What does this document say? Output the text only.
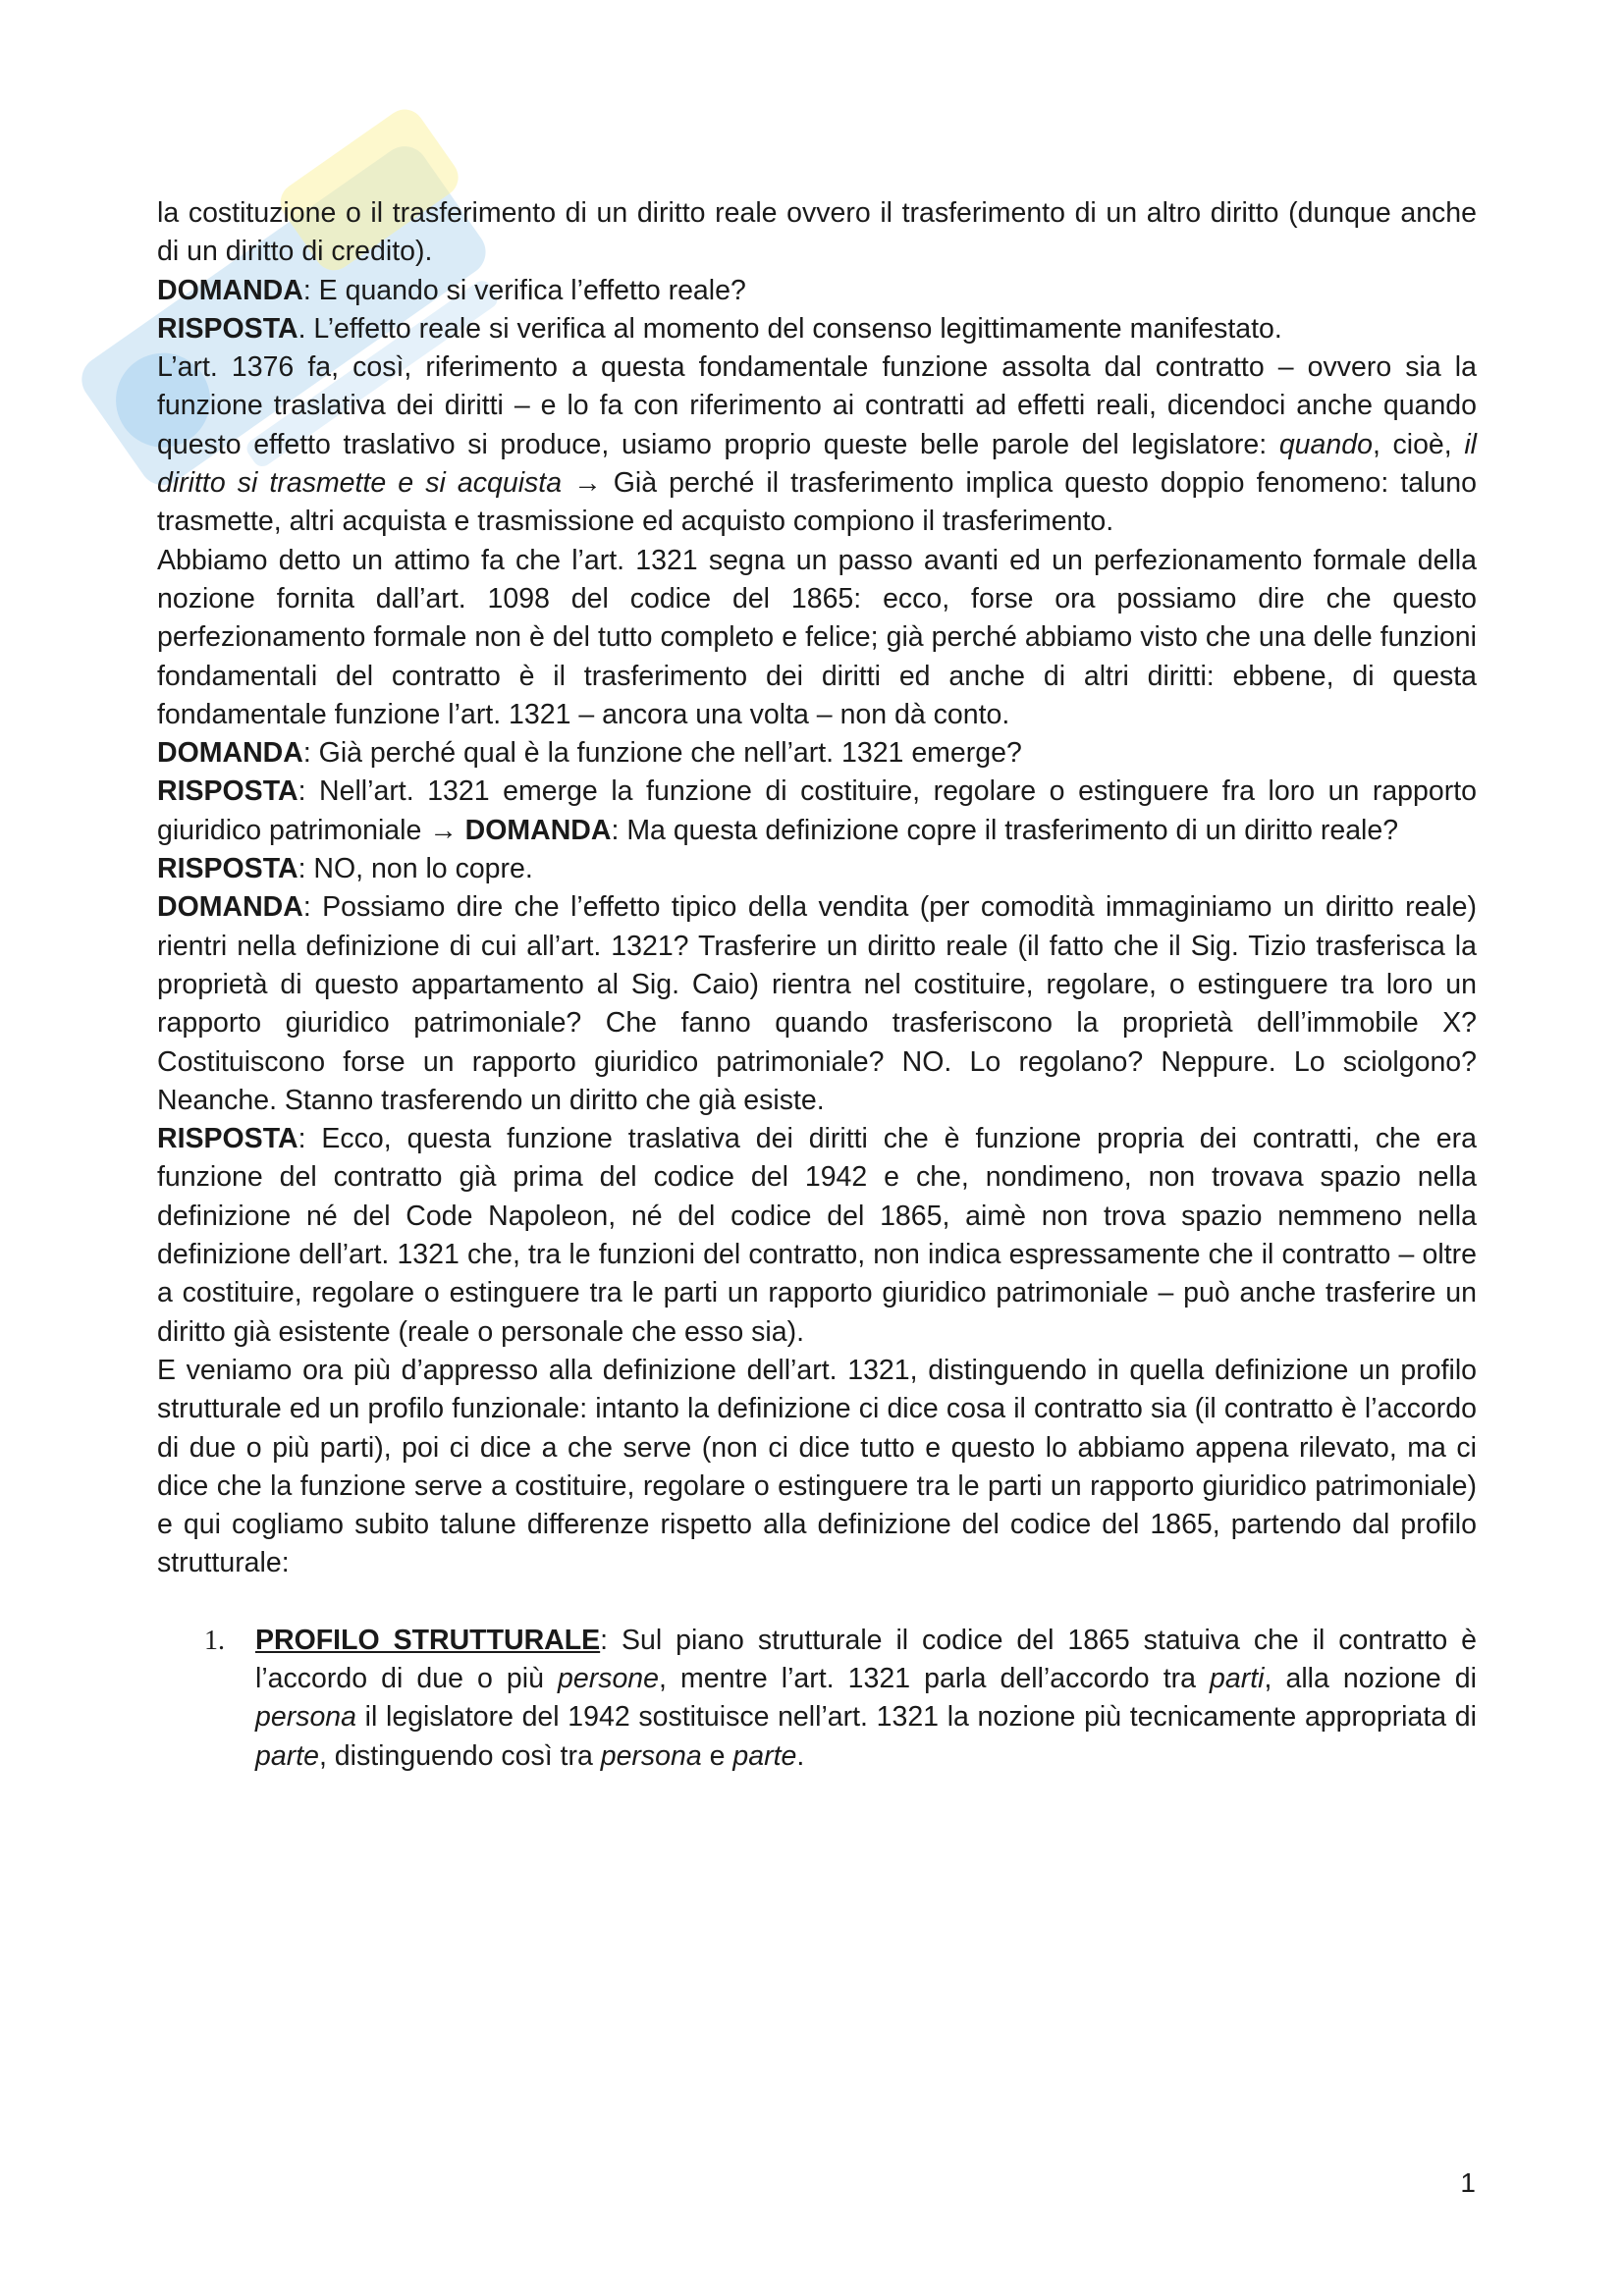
la costituzione o il trasferimento di un diritto reale ovvero il trasferimento di un altro diritto (dunque anche di un diritto di credito).

DOMANDA: E quando si verifica l’effetto reale?

RISPOSTA. L’effetto reale si verifica al momento del consenso legittimamente manifestato.

L’art. 1376 fa, così, riferimento a questa fondamentale funzione assolta dal contratto – ovvero sia la funzione traslativa dei diritti – e lo fa con riferimento ai contratti ad effetti reali, dicendoci anche quando questo effetto traslativo si produce, usiamo proprio queste belle parole del legislatore: quando, cioè, il diritto si trasmette e si acquista → Già perché il trasferimento implica questo doppio fenomeno: taluno trasmette, altri acquista e trasmissione ed acquisto compiono il trasferimento.

Abbiamo detto un attimo fa che l’art. 1321 segna un passo avanti ed un perfezionamento formale della nozione fornita dall’art. 1098 del codice del 1865: ecco, forse ora possiamo dire che questo perfezionamento formale non è del tutto completo e felice; già perché abbiamo visto che una delle funzioni fondamentali del contratto è il trasferimento dei diritti ed anche di altri diritti: ebbene, di questa fondamentale funzione l’art. 1321 – ancora una volta – non dà conto.

DOMANDA: Già perché qual è la funzione che nell’art. 1321 emerge?

RISPOSTA: Nell’art. 1321 emerge la funzione di costituire, regolare o estinguere fra loro un rapporto giuridico patrimoniale → DOMANDA: Ma questa definizione copre il trasferimento di un diritto reale?

RISPOSTA: NO, non lo copre.

DOMANDA: Possiamo dire che l’effetto tipico della vendita (per comodità immaginiamo un diritto reale) rientri nella definizione di cui all’art. 1321? Trasferire un diritto reale (il fatto che il Sig. Tizio trasferisca la proprietà di questo appartamento al Sig. Caio) rientra nel costituire, regolare, o estinguere tra loro un rapporto giuridico patrimoniale? Che fanno quando trasferiscono la proprietà dell’immobile X? Costituiscono forse un rapporto giuridico patrimoniale? NO. Lo regolano? Neppure. Lo sciolgono? Neanche. Stanno trasferendo un diritto che già esiste.

RISPOSTA: Ecco, questa funzione traslativa dei diritti che è funzione propria dei contratti, che era funzione del contratto già prima del codice del 1942 e che, nondimeno, non trovava spazio nella definizione né del Code Napoleon, né del codice del 1865, aimè non trova spazio nemmeno nella definizione dell’art. 1321 che, tra le funzioni del contratto, non indica espressamente che il contratto – oltre a costituire, regolare o estinguere tra le parti un rapporto giuridico patrimoniale – può anche trasferire un diritto già esistente (reale o personale che esso sia).

E veniamo ora più d’appresso alla definizione dell’art. 1321, distinguendo in quella definizione un profilo strutturale ed un profilo funzionale: intanto la definizione ci dice cosa il contratto sia (il contratto è l’accordo di due o più parti), poi ci dice a che serve (non ci dice tutto e questo lo abbiamo appena rilevato, ma ci dice che la funzione serve a costituire, regolare o estinguere tra le parti un rapporto giuridico patrimoniale) e qui cogliamo subito talune differenze rispetto alla definizione del codice del 1865, partendo dal profilo strutturale:

1. PROFILO STRUTTURALE: Sul piano strutturale il codice del 1865 statuiva che il contratto è l’accordo di due o più persone, mentre l’art. 1321 parla dell’accordo tra parti, alla nozione di persona il legislatore del 1942 sostituisce nell’art. 1321 la nozione più tecnicamente appropriata di parte, distinguendo così tra persona e parte.
1
